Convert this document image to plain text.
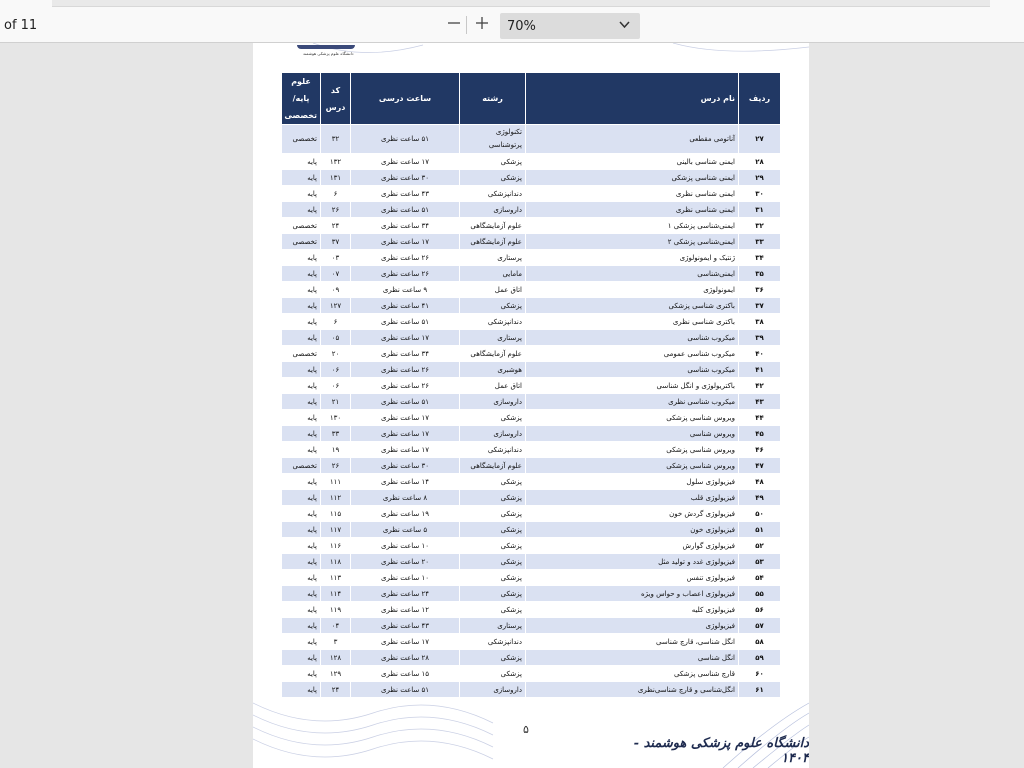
of 11	70%
دانشگاه علوم پزشکی هوشمند
ردیف	نام درس	رشته	ساعت درسی	کد درس	علوم پایه/ تخصصی
۲۷	آناتومی مقطعی	تکنولوژی پرتوشناسی	۵۱ ساعت نظری	۳۲	تخصصی
۲۸	ایمنی شناسی بالینی	پزشکی	۱۷ ساعت نظری	۱۳۲	پایه
۲۹	ایمنی شناسی پزشکی	پزشکی	۳۰ ساعت نظری	۱۳۱	پایه
۳۰	ایمنی شناسی نظری	دندانپزشکی	۴۳ ساعت نظری	۶	پایه
۳۱	ایمنی شناسی نظری	داروسازی	۵۱ ساعت نظری	۲۶	پایه
۳۲	ایمنی‌شناسی پزشکی ۱	علوم آزمایشگاهی	۳۴ ساعت نظری	۲۴	تخصصی
۳۳	ایمنی‌شناسی پزشکی ۲	علوم آزمایشگاهی	۱۷ ساعت نظری	۳۷	تخصصی
۳۴	ژنتیک و ایمونولوژی	پرستاری	۲۶ ساعت نظری	۰۳	پایه
۳۵	ایمنی‌شناسی	مامایی	۲۶ ساعت نظری	۰۷	پایه
۳۶	ایمونولوژی	اتاق عمل	۹ ساعت نظری	۰۹	پایه
۳۷	باکتری شناسی پزشکی	پزشکی	۴۱ ساعت نظری	۱۲۷	پایه
۳۸	باکتری شناسی نظری	دندانپزشکی	۵۱ ساعت نظری	۶	پایه
۳۹	میکروب شناسی	پرستاری	۱۷ ساعت نظری	۰۵	پایه
۴۰	میکروب شناسی عمومی	علوم آزمایشگاهی	۳۴ ساعت نظری	۲۰	تخصصی
۴۱	میکروب شناسی	هوشبری	۲۶ ساعت نظری	۰۶	پایه
۴۲	باکتریولوژی و انگل شناسی	اتاق عمل	۲۶ ساعت نظری	۰۶	پایه
۴۳	میکروب شناسی نظری	داروسازی	۵۱ ساعت نظری	۲۱	پایه
۴۴	ویروس شناسی پزشکی	پزشکی	۱۷ ساعت نظری	۱۳۰	پایه
۴۵	ویروس شناسی	داروسازی	۱۷ ساعت نظری	۳۳	پایه
۴۶	ویروس شناسی پزشکی	دندانپزشکی	۱۷ ساعت نظری	۱۹	پایه
۴۷	ویروس شناسی پزشکی	علوم آزمایشگاهی	۳۰ ساعت نظری	۲۶	تخصصی
۴۸	فیزیولوژی سلول	پزشکی	۱۴ ساعت نظری	۱۱۱	پایه
۴۹	فیزیولوژی قلب	پزشکی	۸ ساعت نظری	۱۱۲	پایه
۵۰	فیزیولوژی گردش خون	پزشکی	۱۹ ساعت نظری	۱۱۵	پایه
۵۱	فیزیولوژی خون	پزشکی	۵ ساعت نظری	۱۱۷	پایه
۵۲	فیزیولوژی گوارش	پزشکی	۱۰ ساعت نظری	۱۱۶	پایه
۵۳	فیزیولوژی غدد و تولید مثل	پزشکی	۲۰ ساعت نظری	۱۱۸	پایه
۵۴	فیزیولوژی تنفس	پزشکی	۱۰ ساعت نظری	۱۱۳	پایه
۵۵	فیزیولوژی اعصاب و حواس ویژه	پزشکی	۲۴ ساعت نظری	۱۱۴	پایه
۵۶	فیزیولوژی کلیه	پزشکی	۱۲ ساعت نظری	۱۱۹	پایه
۵۷	فیزیولوژی	پرستاری	۴۳ ساعت نظری	۰۴	پایه
۵۸	انگل شناسی، قارچ شناسی	دندانپزشکی	۱۷ ساعت نظری	۳	پایه
۵۹	انگل شناسی	پزشکی	۲۸ ساعت نظری	۱۲۸	پایه
۶۰	قارچ شناسی پزشکی	پزشکی	۱۵ ساعت نظری	۱۲۹	پایه
۶۱	انگل‌شناسی و قارچ شناسی‌نظری	داروسازی	۵۱ ساعت نظری	۲۴	پایه
۵
دانشگاه علوم پزشکی هوشمند - ۱۴۰۴
